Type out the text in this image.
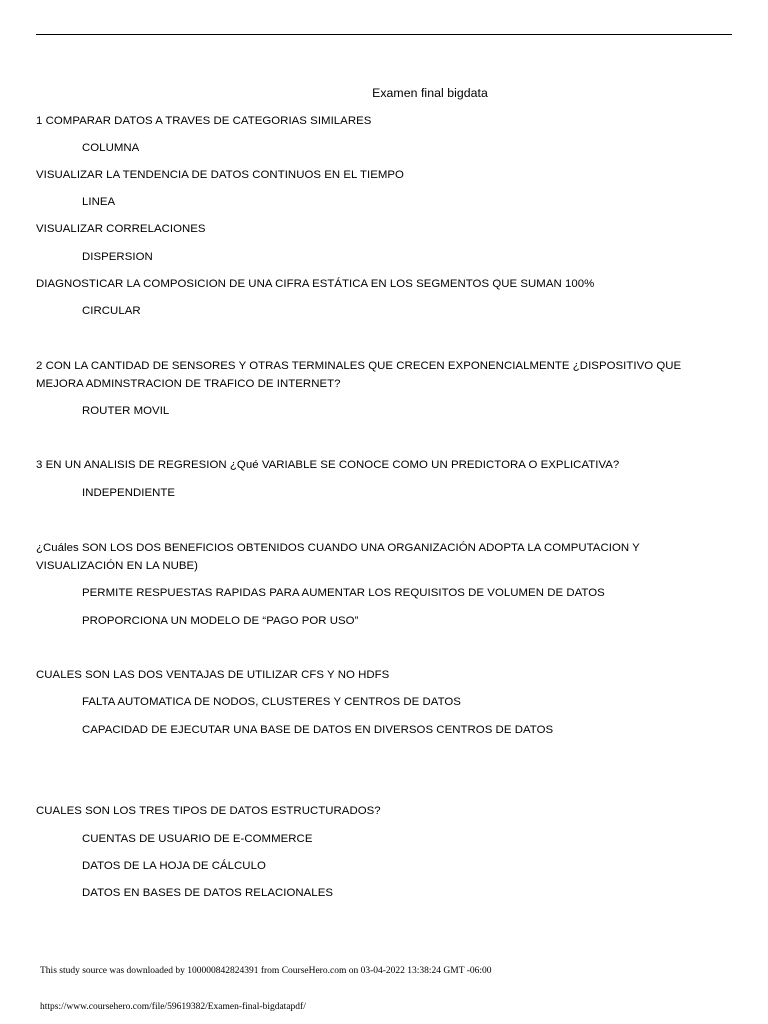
Examen final bigdata
1 COMPARAR DATOS A TRAVES DE CATEGORIAS SIMILARES
COLUMNA
VISUALIZAR LA TENDENCIA DE DATOS CONTINUOS EN EL TIEMPO
LINEA
VISUALIZAR CORRELACIONES
DISPERSION
DIAGNOSTICAR LA COMPOSICION DE UNA CIFRA ESTÁTICA EN LOS SEGMENTOS QUE SUMAN 100%
CIRCULAR
2 CON LA CANTIDAD DE SENSORES Y OTRAS TERMINALES QUE CRECEN EXPONENCIALMENTE ¿DISPOSITIVO QUE MEJORA ADMINSTRACION DE TRAFICO DE INTERNET?
ROUTER MOVIL
3 EN UN ANALISIS DE REGRESION ¿Qué VARIABLE SE CONOCE COMO UN PREDICTORA O EXPLICATIVA?
INDEPENDIENTE
¿Cuáles SON LOS DOS BENEFICIOS OBTENIDOS CUANDO UNA ORGANIZACIÓN ADOPTA LA COMPUTACION Y VISUALIZACIÓN EN LA NUBE)
PERMITE RESPUESTAS RAPIDAS PARA AUMENTAR LOS REQUISITOS DE VOLUMEN DE DATOS
PROPORCIONA UN MODELO DE “PAGO POR USO”
CUALES SON LAS DOS VENTAJAS DE UTILIZAR CFS Y NO HDFS
FALTA AUTOMATICA DE NODOS, CLUSTERES Y CENTROS DE DATOS
CAPACIDAD DE EJECUTAR UNA BASE DE DATOS EN DIVERSOS CENTROS DE DATOS
CUALES SON LOS TRES TIPOS DE DATOS ESTRUCTURADOS?
CUENTAS DE USUARIO DE E-COMMERCE
DATOS DE LA HOJA DE CÁLCULO
DATOS EN BASES DE DATOS RELACIONALES
This study source was downloaded by 100000842824391 from CourseHero.com on 03-04-2022 13:38:24 GMT -06:00
https://www.coursehero.com/file/59619382/Examen-final-bigdatapdf/
